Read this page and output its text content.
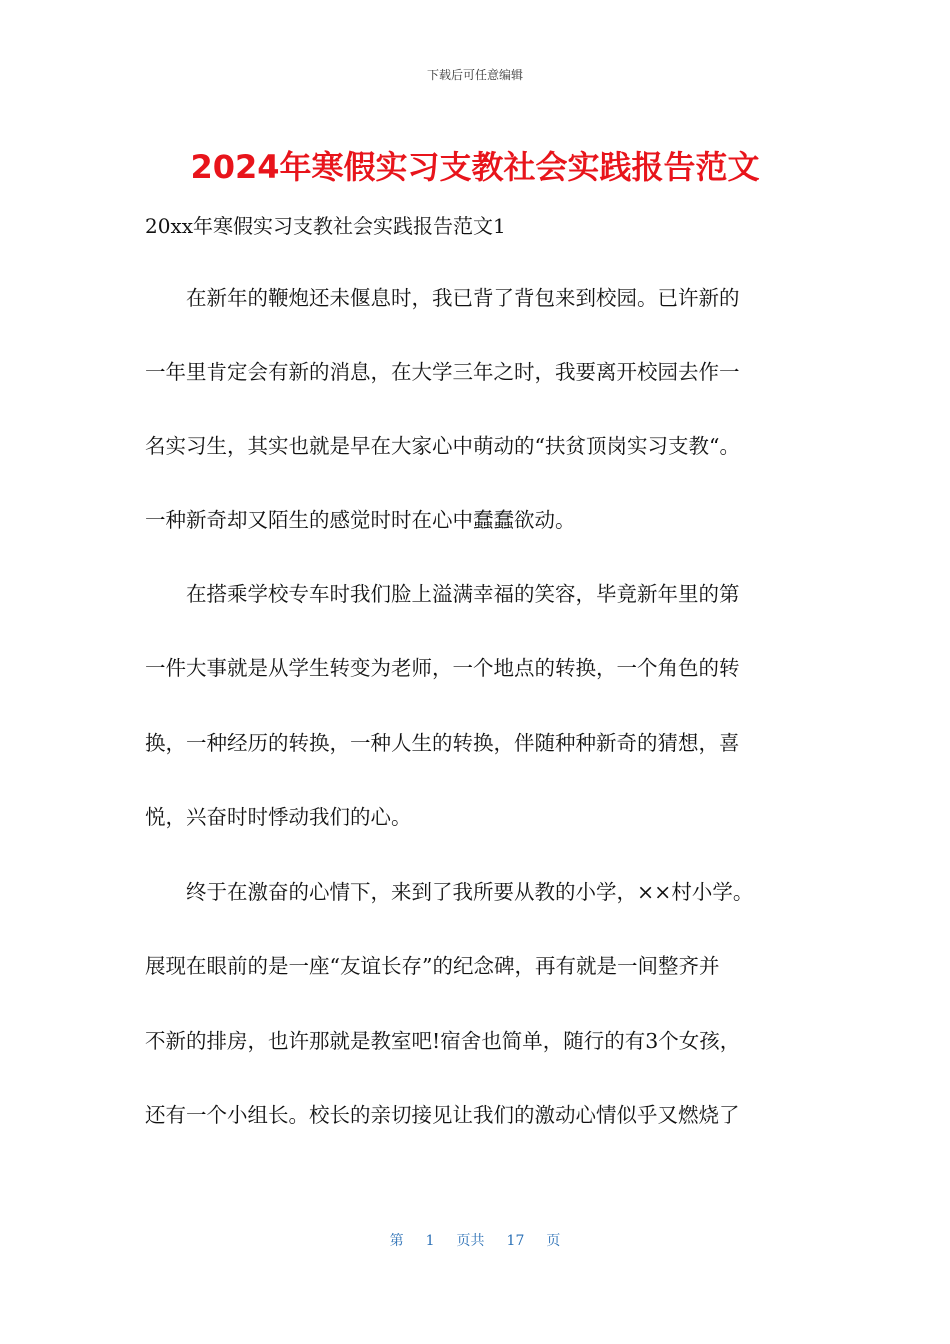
下载后可任意编辑
2024年寒假实习支教社会实践报告范文

20xx年寒假实习支教社会实践报告范文1

　　在新年的鞭炮还未偃息时，我已背了背包来到校园。已许新的

一年里肯定会有新的消息，在大学三年之时，我要离开校园去作一

名实习生，其实也就是早在大家心中萌动的“扶贫顶岗实习支教“。

一种新奇却又陌生的感觉时时在心中蠢蠢欲动。

　　在搭乘学校专车时我们脸上溢满幸福的笑容，毕竟新年里的第

一件大事就是从学生转变为老师，一个地点的转换，一个角色的转

换，一种经历的转换，一种人生的转换，伴随种种新奇的猜想，喜

悦，兴奋时时悸动我们的心。

　　终于在激奋的心情下，来到了我所要从教的小学，××村小学。

展现在眼前的是一座“友谊长存”的纪念碑，再有就是一间整齐并

不新的排房，也许那就是教室吧!宿舍也简单，随行的有3个女孩，

还有一个小组长。校长的亲切接见让我们的激动心情似乎又燃烧了

第 1 页共 17 页
